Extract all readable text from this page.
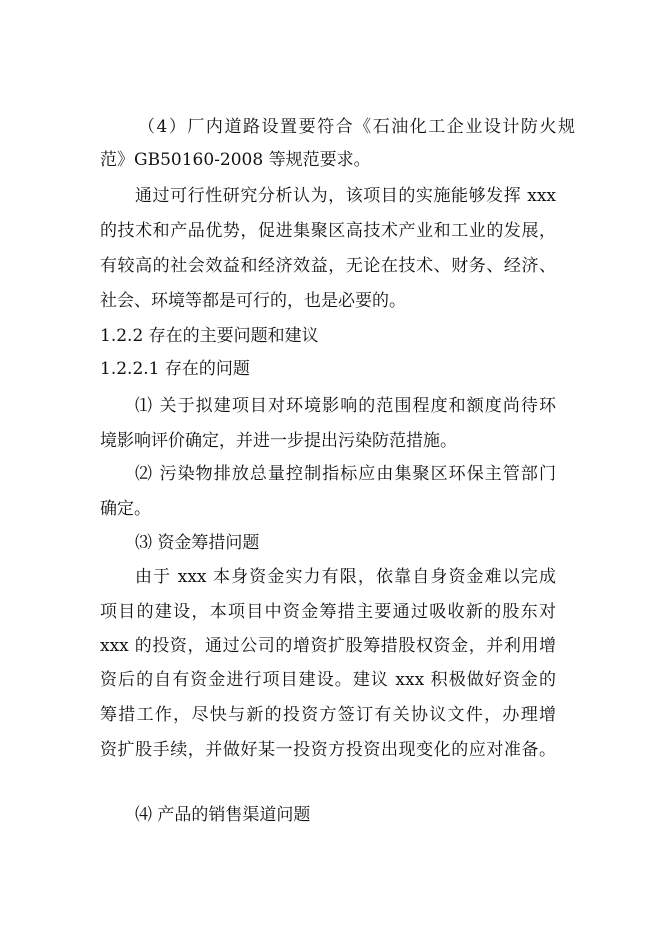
（4）厂内道路设置要符合《石油化工企业设计防火规
范》GB50160-2008 等规范要求。
通过可行性研究分析认为，该项目的实施能够发挥 xxx
的技术和产品优势，促进集聚区高技术产业和工业的发展，
有较高的社会效益和经济效益，无论在技术、财务、经济、
社会、环境等都是可行的，也是必要的。
1.2.2 存在的主要问题和建议
1.2.2.1 存在的问题
⑴ 关于拟建项目对环境影响的范围程度和额度尚待环
境影响评价确定，并进一步提出污染防范措施。
⑵ 污染物排放总量控制指标应由集聚区环保主管部门
确定。
⑶ 资金筹措问题
由于 xxx 本身资金实力有限，依靠自身资金难以完成
项目的建设，本项目中资金筹措主要通过吸收新的股东对
xxx 的投资，通过公司的增资扩股筹措股权资金，并利用增
资后的自有资金进行项目建设。建议 xxx 积极做好资金的
筹措工作，尽快与新的投资方签订有关协议文件，办理增
资扩股手续，并做好某一投资方投资出现变化的应对准备。
⑷ 产品的销售渠道问题
